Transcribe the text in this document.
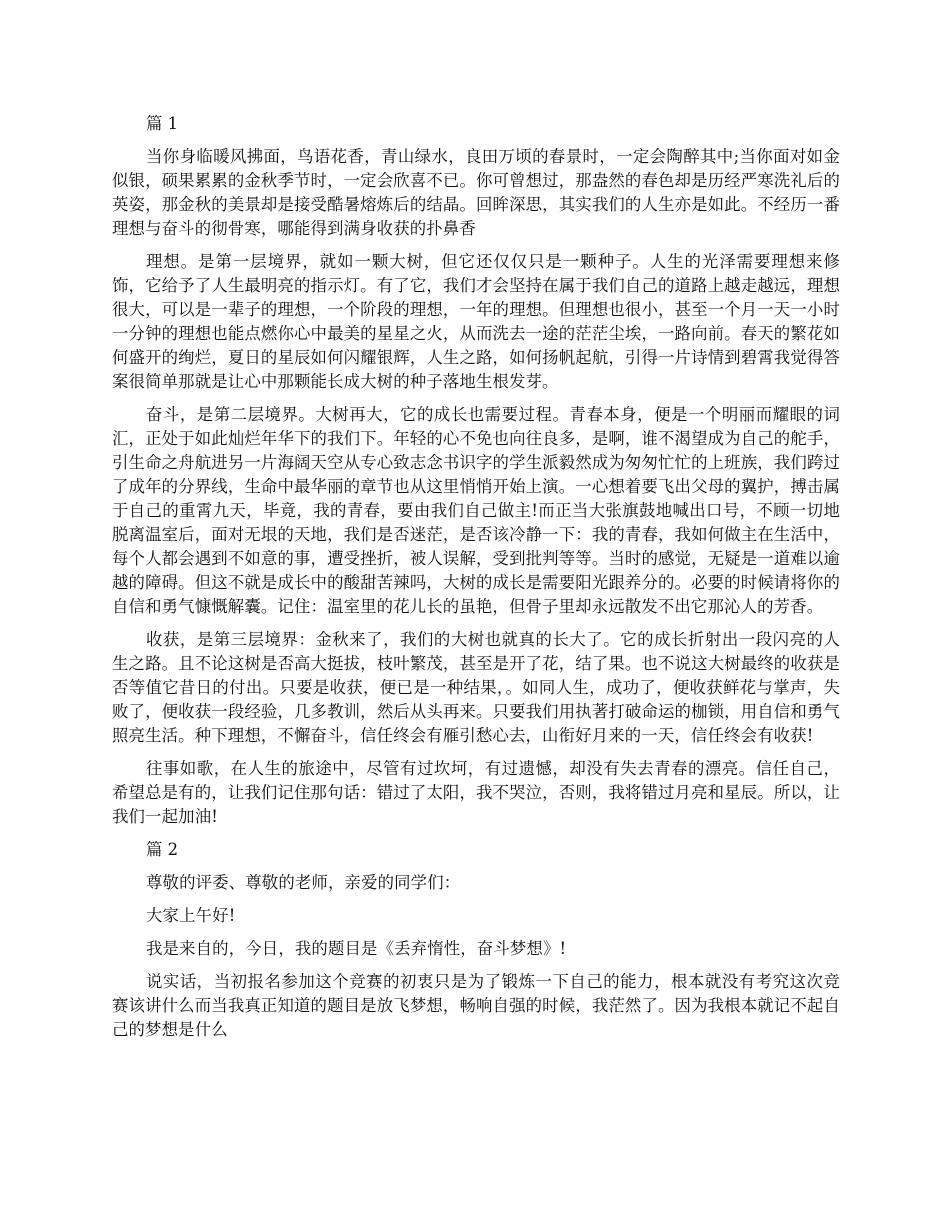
篇 1

当你身临暖风拂面，鸟语花香，青山绿水，良田万顷的春景时，一定会陶醉其中;当你面对如金似银，硕果累累的金秋季节时，一定会欣喜不已。你可曾想过，那盎然的春色却是历经严寒洗礼后的英姿，那金秋的美景却是接受酷暑熔炼后的结晶。回眸深思，其实我们的人生亦是如此。不经历一番理想与奋斗的彻骨寒，哪能得到满身收获的扑鼻香

理想。是第一层境界，就如一颗大树，但它还仅仅只是一颗种子。人生的光泽需要理想来修饰，它给予了人生最明亮的指示灯。有了它，我们才会坚持在属于我们自己的道路上越走越远，理想很大，可以是一辈子的理想，一个阶段的理想，一年的理想。但理想也很小，甚至一个月一天一小时一分钟的理想也能点燃你心中最美的星星之火，从而洗去一途的茫茫尘埃，一路向前。春天的繁花如何盛开的绚烂，夏日的星辰如何闪耀银辉，人生之路，如何扬帆起航，引得一片诗情到碧霄我觉得答案很简单那就是让心中那颗能长成大树的种子落地生根发芽。

奋斗，是第二层境界。大树再大，它的成长也需要过程。青春本身，便是一个明丽而耀眼的词汇，正处于如此灿烂年华下的我们下。年轻的心不免也向往良多，是啊，谁不渴望成为自己的舵手，引生命之舟航进另一片海阔天空从专心致志念书识字的学生派毅然成为匆匆忙忙的上班族，我们跨过了成年的分界线，生命中最华丽的章节也从这里悄悄开始上演。一心想着要飞出父母的翼护，搏击属于自己的重霄九天，毕竟，我的青春，要由我们自己做主!而正当大张旗鼓地喊出口号，不顾一切地脱离温室后，面对无垠的天地，我们是否迷茫，是否该冷静一下：我的青春，我如何做主在生活中，每个人都会遇到不如意的事，遭受挫折，被人误解，受到批判等等。当时的感觉，无疑是一道难以逾越的障碍。但这不就是成长中的酸甜苦辣吗，大树的成长是需要阳光跟养分的。必要的时候请将你的自信和勇气慷慨解囊。记住：温室里的花儿长的虽艳，但骨子里却永远散发不出它那沁人的芳香。

收获，是第三层境界：金秋来了，我们的大树也就真的长大了。它的成长折射出一段闪亮的人生之路。且不论这树是否高大挺拔，枝叶繁茂，甚至是开了花，结了果。也不说这大树最终的收获是否等值它昔日的付出。只要是收获，便已是一种结果，。如同人生，成功了，便收获鲜花与掌声，失败了，便收获一段经验，几多教训，然后从头再来。只要我们用执著打破命运的枷锁，用自信和勇气照亮生活。种下理想，不懈奋斗，信任终会有雁引愁心去，山衔好月来的一天，信任终会有收获!

往事如歌，在人生的旅途中，尽管有过坎坷，有过遗憾，却没有失去青春的漂亮。信任自己，希望总是有的，让我们记住那句话：错过了太阳，我不哭泣，否则，我将错过月亮和星辰。所以，让我们一起加油!

篇 2

尊敬的评委、尊敬的老师，亲爱的同学们：

大家上午好!

我是来自的，今日，我的题目是《丢弃惰性，奋斗梦想》!

说实话，当初报名参加这个竞赛的初衷只是为了锻炼一下自己的能力，根本就没有考究这次竞赛该讲什么而当我真正知道的题目是放飞梦想，畅响自强的时候，我茫然了。因为我根本就记不起自己的梦想是什么
